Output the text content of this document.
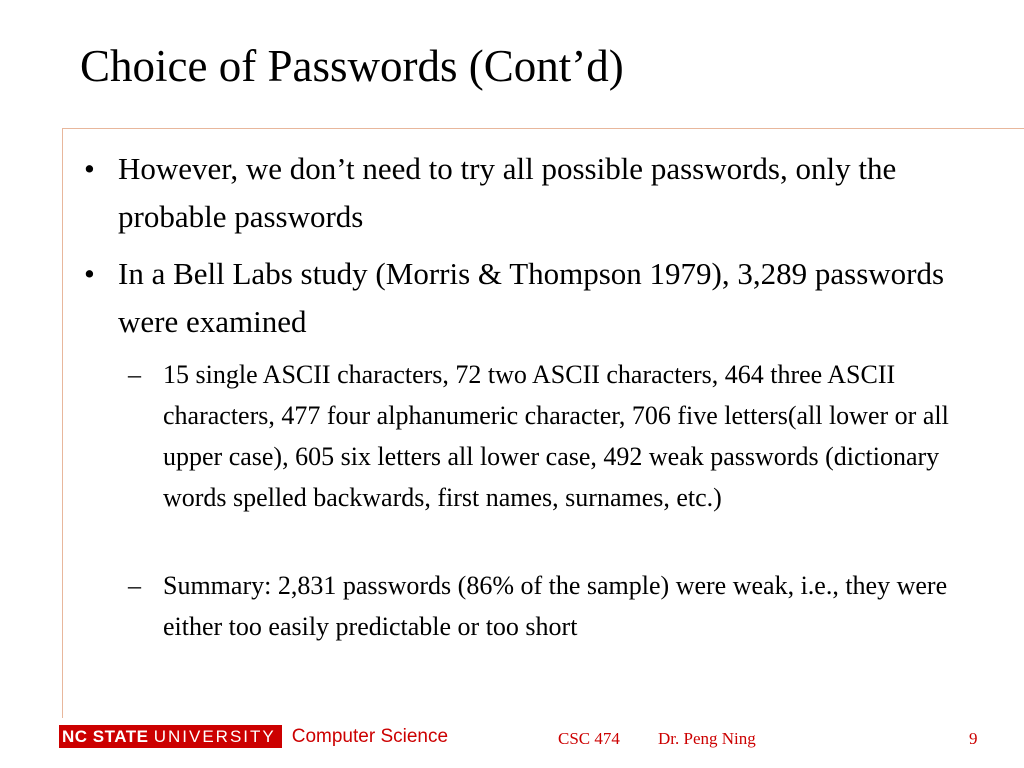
Choice of Passwords (Cont’d)
• However, we don’t need to try all possible passwords, only the probable passwords
• In a Bell Labs study (Morris & Thompson 1979), 3,289 passwords were examined
– 15 single ASCII characters, 72 two ASCII characters, 464 three ASCII characters, 477 four alphanumeric character, 706 five letters(all lower or all upper case), 605 six letters all lower case, 492 weak passwords (dictionary words spelled backwards, first names, surnames, etc.)
– Summary: 2,831 passwords (86% of the sample) were weak, i.e., they were either too easily predictable or too short
NC STATE UNIVERSITY Computer Science	CSC 474 Dr. Peng Ning	9
